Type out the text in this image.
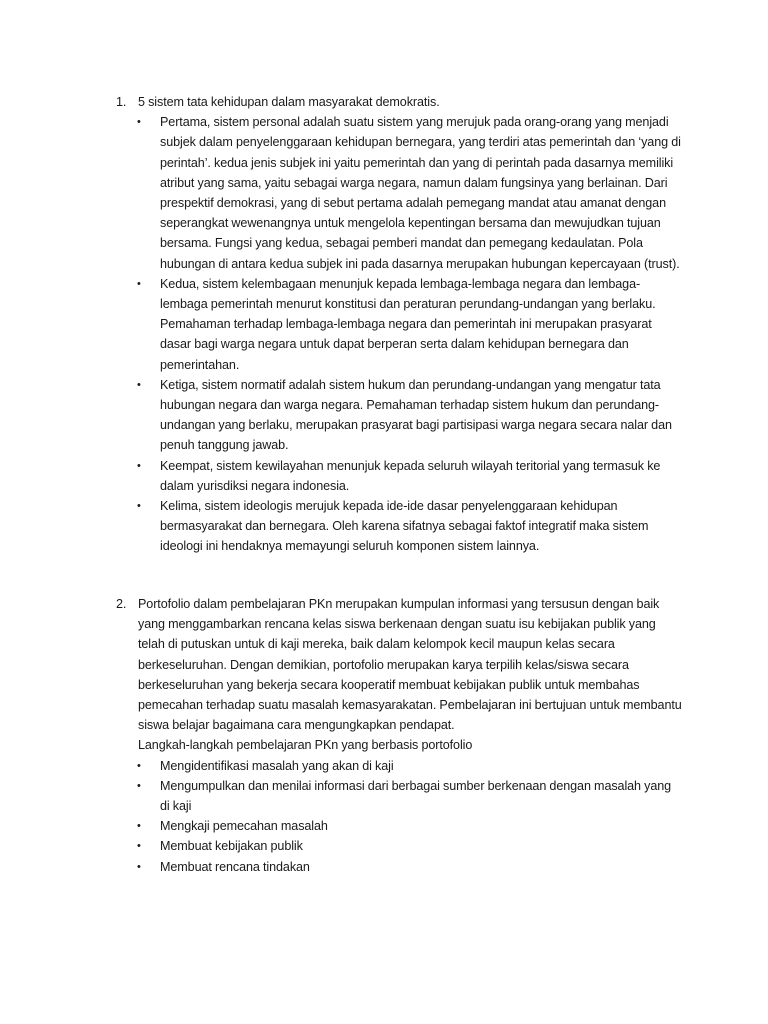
1. 5 sistem tata kehidupan dalam masyarakat demokratis.

• Pertama, sistem personal adalah suatu sistem yang merujuk pada orang-orang yang menjadi subjek dalam penyelenggaraan kehidupan bernegara, yang terdiri atas pemerintah dan ‘yang di perintah’. kedua jenis subjek ini yaitu pemerintah dan yang di perintah pada dasarnya memiliki atribut yang sama, yaitu sebagai warga negara, namun dalam fungsinya yang berlainan. Dari prespektif demokrasi, yang di sebut pertama adalah pemegang mandat atau amanat dengan seperangkat wewenangnya untuk mengelola kepentingan bersama dan mewujudkan tujuan bersama. Fungsi yang kedua, sebagai pemberi mandat dan pemegang kedaulatan. Pola hubungan di antara kedua subjek ini pada dasarnya merupakan hubungan kepercayaan (trust).
• Kedua, sistem kelembagaan menunjuk kepada lembaga-lembaga negara dan lembaga-lembaga pemerintah menurut konstitusi dan peraturan perundang-undangan yang berlaku. Pemahaman terhadap lembaga-lembaga negara dan pemerintah ini merupakan prasyarat dasar bagi warga negara untuk dapat berperan serta dalam kehidupan bernegara dan pemerintahan.
• Ketiga, sistem normatif adalah sistem hukum dan perundang-undangan yang mengatur tata hubungan negara dan warga negara. Pemahaman terhadap sistem hukum dan perundang-undangan yang berlaku, merupakan prasyarat bagi partisipasi warga negara secara nalar dan penuh tanggung jawab.
• Keempat, sistem kewilayahan menunjuk kepada seluruh wilayah teritorial yang termasuk ke dalam yurisdiksi negara indonesia.
• Kelima, sistem ideologis merujuk kepada ide-ide dasar penyelenggaraan kehidupan bermasyarakat dan bernegara. Oleh karena sifatnya sebagai faktof integratif maka sistem ideologi ini hendaknya memayungi seluruh komponen sistem lainnya.
2. Portofolio dalam pembelajaran PKn merupakan kumpulan informasi yang tersusun dengan baik yang menggambarkan rencana kelas siswa berkenaan dengan suatu isu kebijakan publik yang telah di putuskan untuk di kaji mereka, baik dalam kelompok kecil maupun kelas secara berkeseluruhan. Dengan demikian, portofolio merupakan karya terpilih kelas/siswa secara berkeseluruhan yang bekerja secara kooperatif membuat kebijakan publik untuk membahas pemecahan terhadap suatu masalah kemasyarakatan. Pembelajaran ini bertujuan untuk membantu siswa belajar bagaimana cara mengungkapkan pendapat.

Langkah-langkah pembelajaran PKn yang berbasis portofolio

• Mengidentifikasi masalah yang akan di kaji
• Mengumpulkan dan menilai informasi dari berbagai sumber berkenaan dengan masalah yang di kaji
• Mengkaji pemecahan masalah
• Membuat kebijakan publik
• Membuat rencana tindakan
